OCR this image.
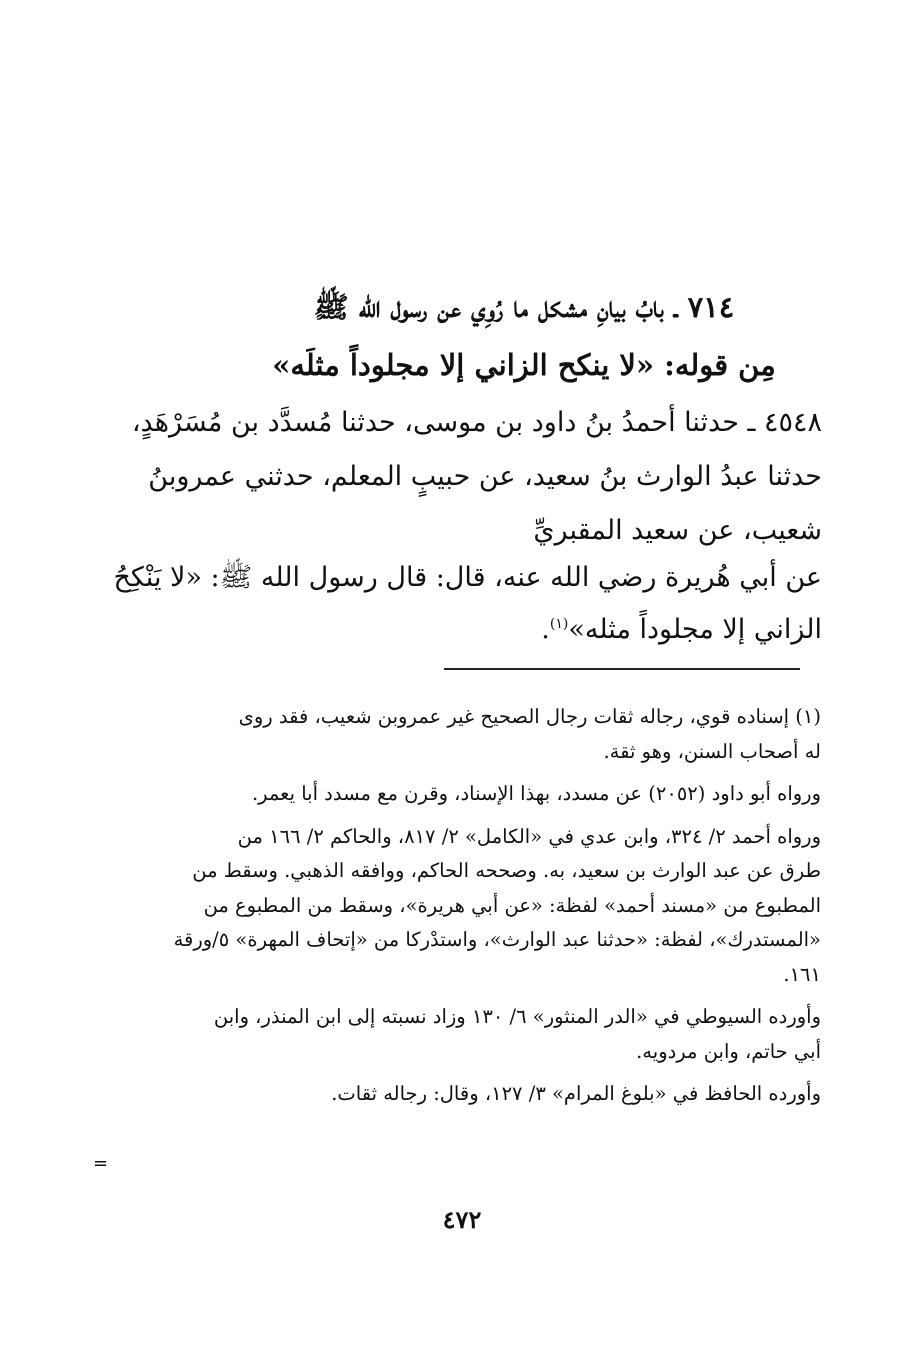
٧١٤ ـ بابُ بيانِ مشكل ما رُوِي عن رسول الله ﷺ
مِن قوله: «لا ينكح الزاني إلا مجلوداً مثلَه»
٤٥٤٨ ـ حدثنا أحمدُ بنُ داود بن موسى، حدثنا مُسدَّد بن مُسَرْهَدٍ،
حدثنا عبدُ الوارث بنُ سعيد، عن حبيبٍ المعلم، حدثني عمروبنُ
شعيب، عن سعيد المقبريِّ
عن أبي هُريرة رضي الله عنه، قال: قال رسول الله ﷺ: «لا يَنْكِحُ
الزاني إلا مجلوداً مثله»$^{(١)}$.

(١) إسناده قوي، رجاله ثقات رجال الصحيح غير عمروبن شعيب، فقد روى
له أصحاب السنن، وهو ثقة.

ورواه أبو داود (٢٠٥٢) عن مسدد، بهذا الإسناد، وقرن مع مسدد أبا يعمر.

ورواه أحمد ٢/ ٣٢٤، وابن عدي في «الكامل» ٢/ ٨١٧، والحاكم ٢/ ١٦٦ من
طرق عن عبد الوارث بن سعيد، به. وصححه الحاكم، ووافقه الذهبي. وسقط من
المطبوع من «مسند أحمد» لفظة: «عن أبي هريرة»، وسقط من المطبوع من
«المستدرك»، لفظة: «حدثنا عبد الوارث»، واستدْركا من «إتحاف المهرة» ٥/ورقة
١٦١.

وأورده السيوطي في «الدر المنثور» ٦/ ١٣٠ وزاد نسبته إلى ابن المنذر، وابن
أبي حاتم، وابن مردويه.

وأورده الحافظ في «بلوغ المرام» ٣/ ١٢٧، وقال: رجاله ثقات.

=
٤٧٢
